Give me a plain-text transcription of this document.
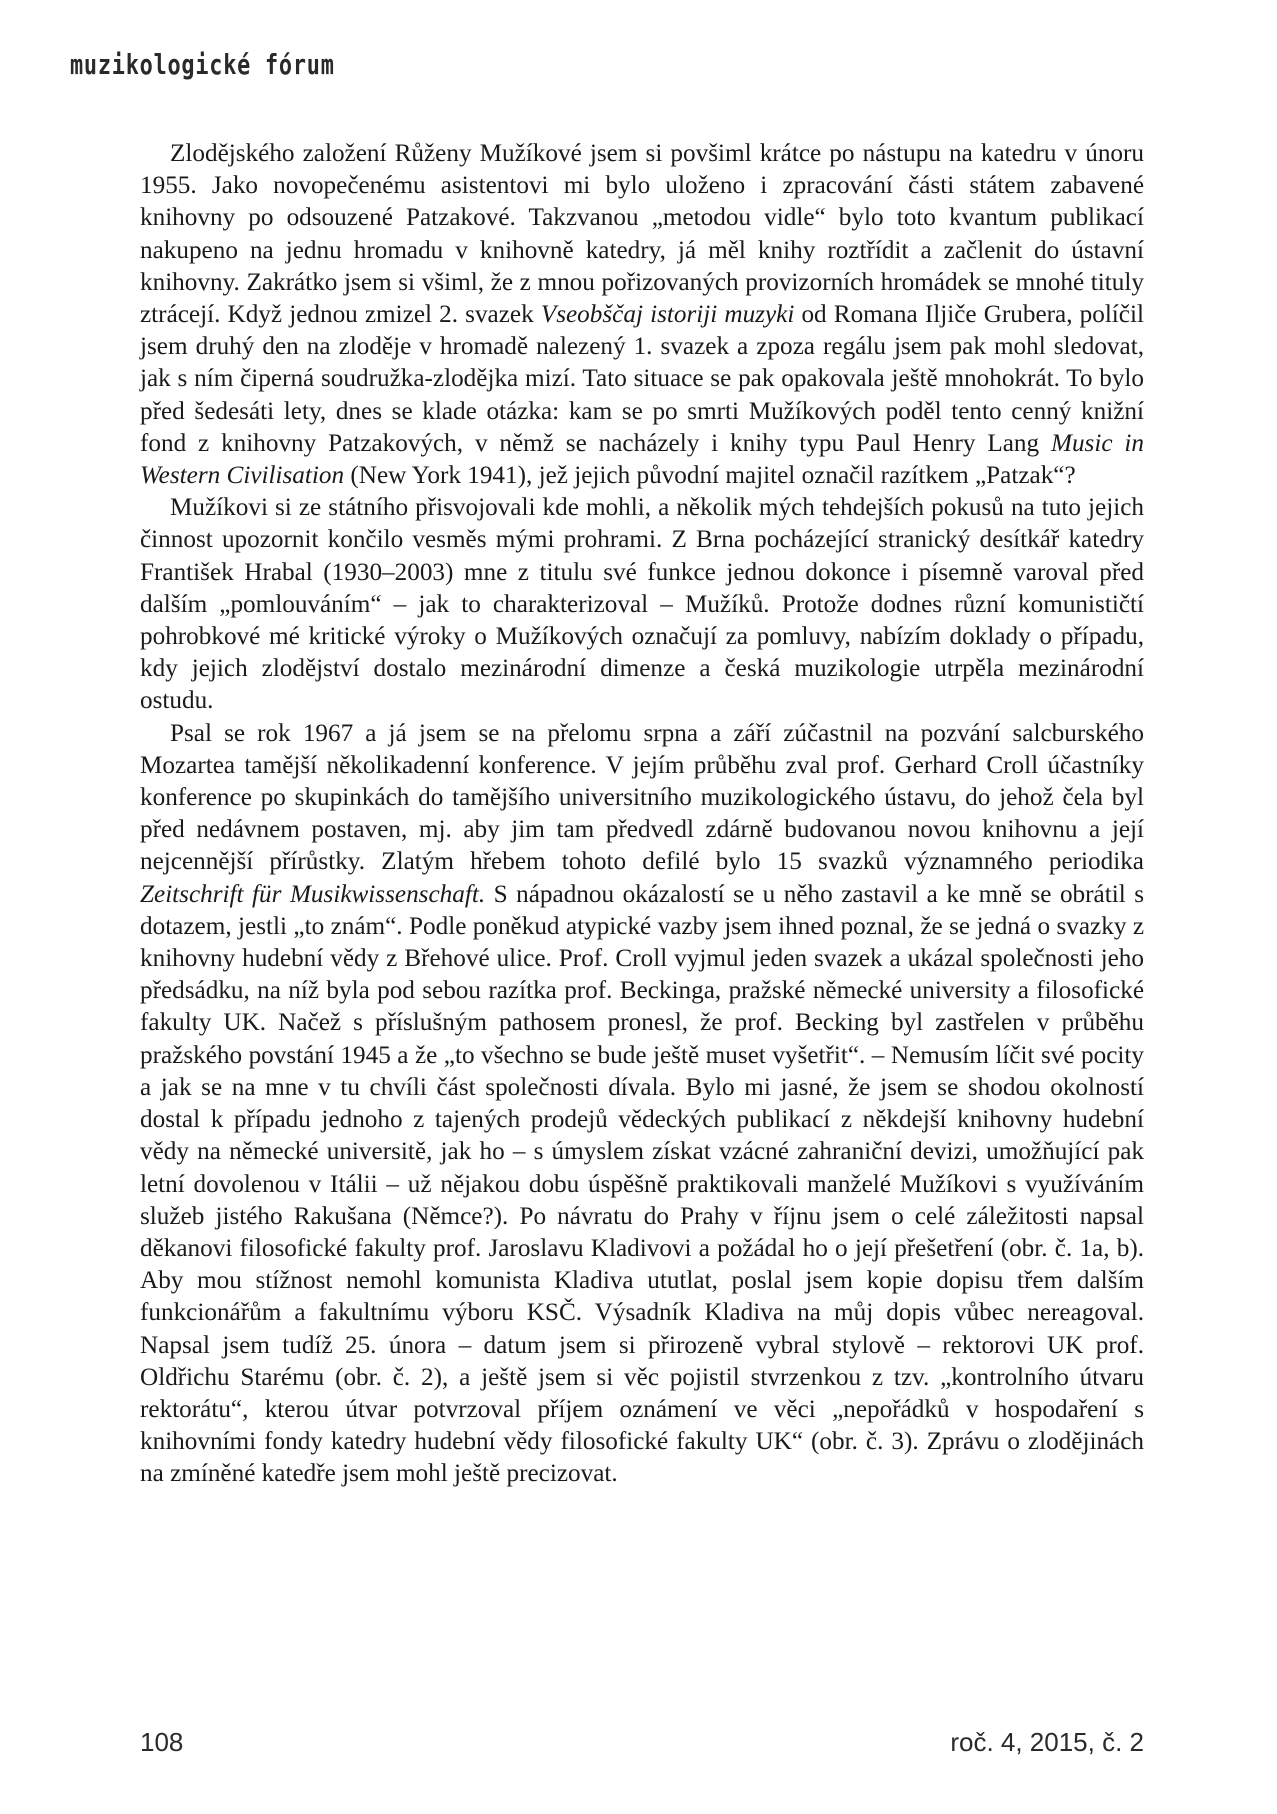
muzikologické fórum

Zlodějského založení Růženy Mužíkové jsem si povšiml krátce po nástupu na katedru v únoru 1955. Jako novopečenému asistentovi mi bylo uloženo i zpracování části státem zabavené knihovny po odsouzené Patzakové. Takzvanou „metodou vidle“ bylo toto kvantum publikací nakupeno na jednu hromadu v knihovně katedry, já měl knihy roztřídit a začlenit do ústavní knihovny. Zakrátko jsem si všiml, že z mnou pořizovaných provizorních hromádek se mnohé tituly ztrácejí. Když jednou zmizel 2. svazek Vseobščaj istoriji muzyki od Romana Iljiče Grubera, políčil jsem druhý den na zloděje v hromadě nalezený 1. svazek a zpoza regálu jsem pak mohl sledovat, jak s ním čiperná soudružka-zlodějka mizí. Tato situace se pak opakovala ještě mnohokrát. To bylo před šedesáti lety, dnes se klade otázka: kam se po smrti Mužíkových poděl tento cenný knižní fond z knihovny Patzakových, v němž se nacházely i knihy typu Paul Henry Lang Music in Western Civilisation (New York 1941), jež jejich původní majitel označil razítkem „Patzak“?

Mužíkovi si ze státního přisvojovali kde mohli, a několik mých tehdejších pokusů na tuto jejich činnost upozornit končilo vesměs mými prohrami. Z Brna pocházející stranický desítkář katedry František Hrabal (1930–2003) mne z titulu své funkce jednou dokonce i písemně varoval před dalším „pomlouváním“ – jak to charakterizoval – Mužíků. Protože dodnes různí komunističtí pohrobkové mé kritické výroky o Mužíkových označují za pomluvy, nabízím doklady o případu, kdy jejich zlodějství dostalo mezinárodní dimenze a česká muzikologie utrpěla mezinárodní ostudu.

Psal se rok 1967 a já jsem se na přelomu srpna a září zúčastnil na pozvání salcburského Mozartea tamější několikadenní konference. V jejím průběhu zval prof. Gerhard Croll účastníky konference po skupinkách do tamějšího universitního muzikologického ústavu, do jehož čela byl před nedávnem postaven, mj. aby jim tam předvedl zdárně budovanou novou knihovnu a její nejcennější přírůstky. Zlatým hřebem tohoto defilé bylo 15 svazků významného periodika Zeitschrift für Musikwissenschaft. S nápadnou okázalostí se u něho zastavil a ke mně se obrátil s dotazem, jestli „to znám“. Podle poněkud atypické vazby jsem ihned poznal, že se jedná o svazky z knihovny hudební vědy z Břehové ulice. Prof. Croll vyjmul jeden svazek a ukázal společnosti jeho předsádku, na níž byla pod sebou razítka prof. Beckinga, pražské německé university a filosofické fakulty UK. Načež s příslušným pathosem pronesl, že prof. Becking byl zastřelen v průběhu pražského povstání 1945 a že „to všechno se bude ještě muset vyšetřit“. – Nemusím líčit své pocity a jak se na mne v tu chvíli část společnosti dívala. Bylo mi jasné, že jsem se shodou okolností dostal k případu jednoho z tajených prodejů vědeckých publikací z někdejší knihovny hudební vědy na německé universitě, jak ho – s úmyslem získat vzácné zahraniční devizi, umožňující pak letní dovolenou v Itálii – už nějakou dobu úspěšně praktikovali manželé Mužíkovi s využíváním služeb jistého Rakušana (Němce?). Po návratu do Prahy v říjnu jsem o celé záležitosti napsal děkanovi filosofické fakulty prof. Jaroslavu Kladivovi a požádal ho o její přešetření (obr. č. 1a, b). Aby mou stížnost nemohl komunista Kladiva ututlat, poslal jsem kopie dopisu třem dalším funkcionářům a fakultnímu výboru KSČ. Výsadník Kladiva na můj dopis vůbec nereagoval. Napsal jsem tudíž 25. února – datum jsem si přirozeně vybral stylově – rektorovi UK prof. Oldřichu Starému (obr. č. 2), a ještě jsem si věc pojistil stvrzenkou z tzv. „kontrolního útvaru rektorátu“, kterou útvar potvrzoval příjem oznámení ve věci „nepořádků v hospodaření s knihovními fondy katedry hudební vědy filosofické fakulty UK“ (obr. č. 3). Zprávu o zlodějinách na zmíněné katedře jsem mohl ještě precizovat.

108	roč. 4, 2015, č. 2
